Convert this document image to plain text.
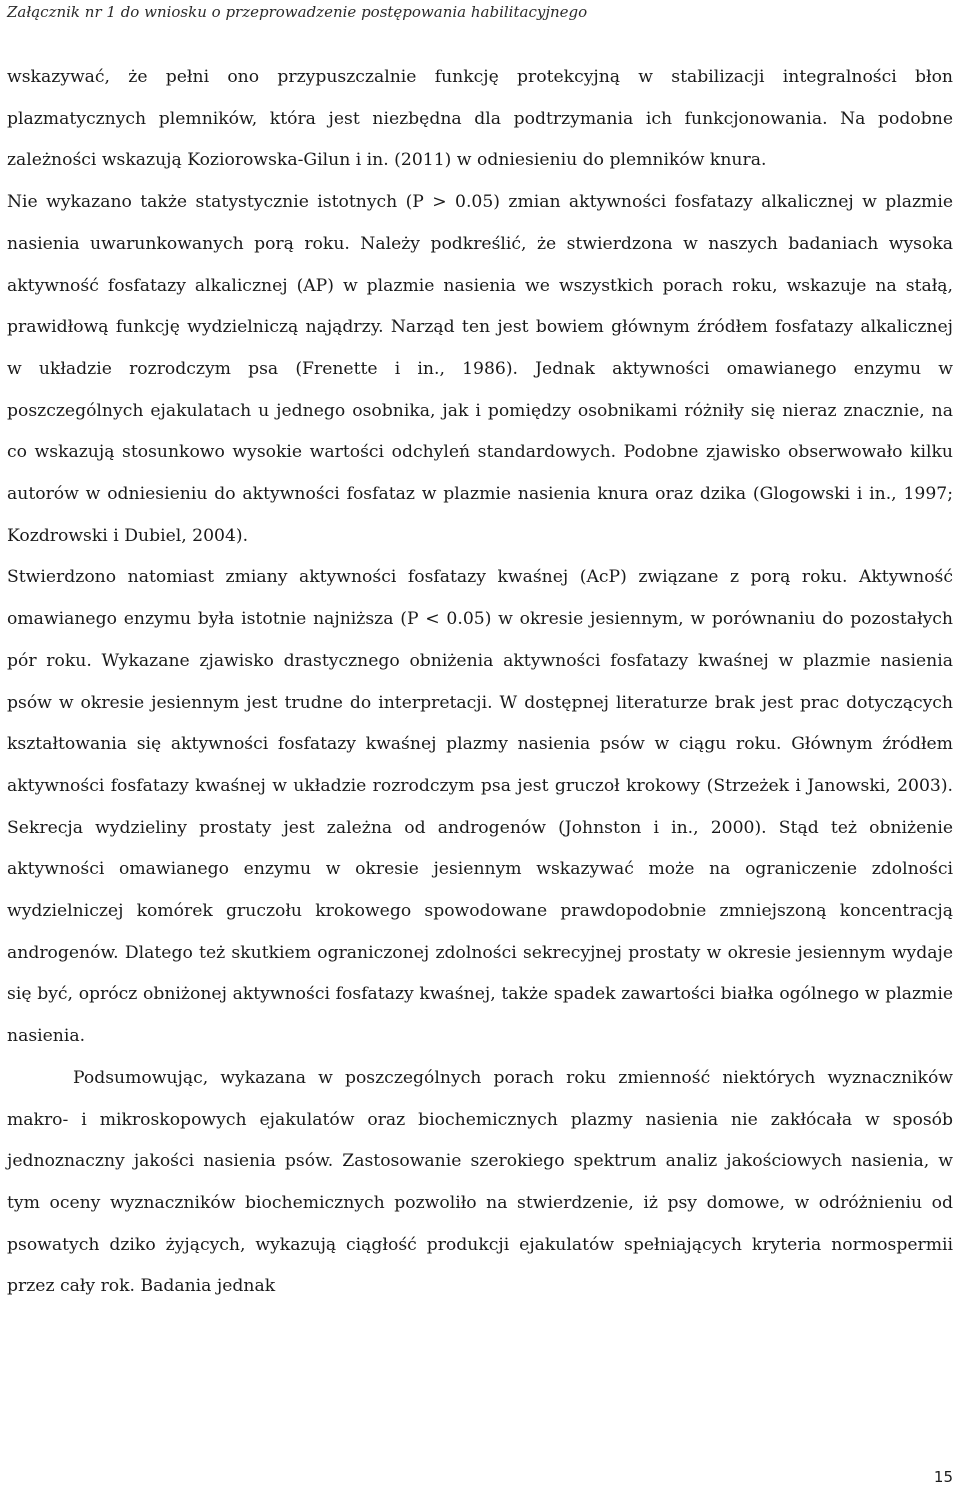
Załącznik nr 1 do wniosku o przeprowadzenie postępowania habilitacyjnego

wskazywać, że pełni ono przypuszczalnie funkcję protekcyjną w stabilizacji integralności błon plazmatycznych plemników, która jest niezbędna dla podtrzymania ich funkcjonowania. Na podobne zależności wskazują Koziorowska-Gilun i in. (2011) w odniesieniu do plemników knura.

Nie wykazano także statystycznie istotnych (P > 0.05) zmian aktywności fosfatazy alkalicznej w plazmie nasienia uwarunkowanych porą roku. Należy podkreślić, że stwierdzona w naszych badaniach wysoka aktywność fosfatazy alkalicznej (AP) w plazmie nasienia we wszystkich porach roku, wskazuje na stałą, prawidłową funkcję wydzielniczą najądrzy. Narząd ten jest bowiem głównym źródłem fosfatazy alkalicznej w układzie rozrodczym psa (Frenette i in., 1986). Jednak aktywności omawianego enzymu w poszczególnych ejakulatach u jednego osobnika, jak i pomiędzy osobnikami różniły się nieraz znacznie, na co wskazują stosunkowo wysokie wartości odchyleń standardowych. Podobne zjawisko obserwowało kilku autorów w odniesieniu do aktywności fosfataz w plazmie nasienia knura oraz dzika (Glogowski i in., 1997; Kozdrowski i Dubiel, 2004).

Stwierdzono natomiast zmiany aktywności fosfatazy kwaśnej (AcP) związane z porą roku. Aktywność omawianego enzymu była istotnie najniższa (P < 0.05) w okresie jesiennym, w porównaniu do pozostałych pór roku. Wykazane zjawisko drastycznego obniżenia aktywności fosfatazy kwaśnej w plazmie nasienia psów w okresie jesiennym jest trudne do interpretacji. W dostępnej literaturze brak jest prac dotyczących kształtowania się aktywności fosfatazy kwaśnej plazmy nasienia psów w ciągu roku. Głównym źródłem aktywności fosfatazy kwaśnej w układzie rozrodczym psa jest gruczoł krokowy (Strzeżek i Janowski, 2003). Sekrecja wydzieliny prostaty jest zależna od androgenów (Johnston i in., 2000). Stąd też obniżenie aktywności omawianego enzymu w okresie jesiennym wskazywać może na ograniczenie zdolności wydzielniczej komórek gruczołu krokowego spowodowane prawdopodobnie zmniejszoną koncentracją androgenów. Dlatego też skutkiem ograniczonej zdolności sekrecyjnej prostaty w okresie jesiennym wydaje się być, oprócz obniżonej aktywności fosfatazy kwaśnej, także spadek zawartości białka ogólnego w plazmie nasienia.

Podsumowując, wykazana w poszczególnych porach roku zmienność niektórych wyznaczników makro- i mikroskopowych ejakulatów oraz biochemicznych plazmy nasienia nie zakłócała w sposób jednoznaczny jakości nasienia psów. Zastosowanie szerokiego spektrum analiz jakościowych nasienia, w tym oceny wyznaczników biochemicznych pozwoliło na stwierdzenie, iż psy domowe, w odróżnieniu od psowatych dziko żyjących, wykazują ciągłość produkcji ejakulatów spełniających kryteria normospermii przez cały rok. Badania jednak

15
